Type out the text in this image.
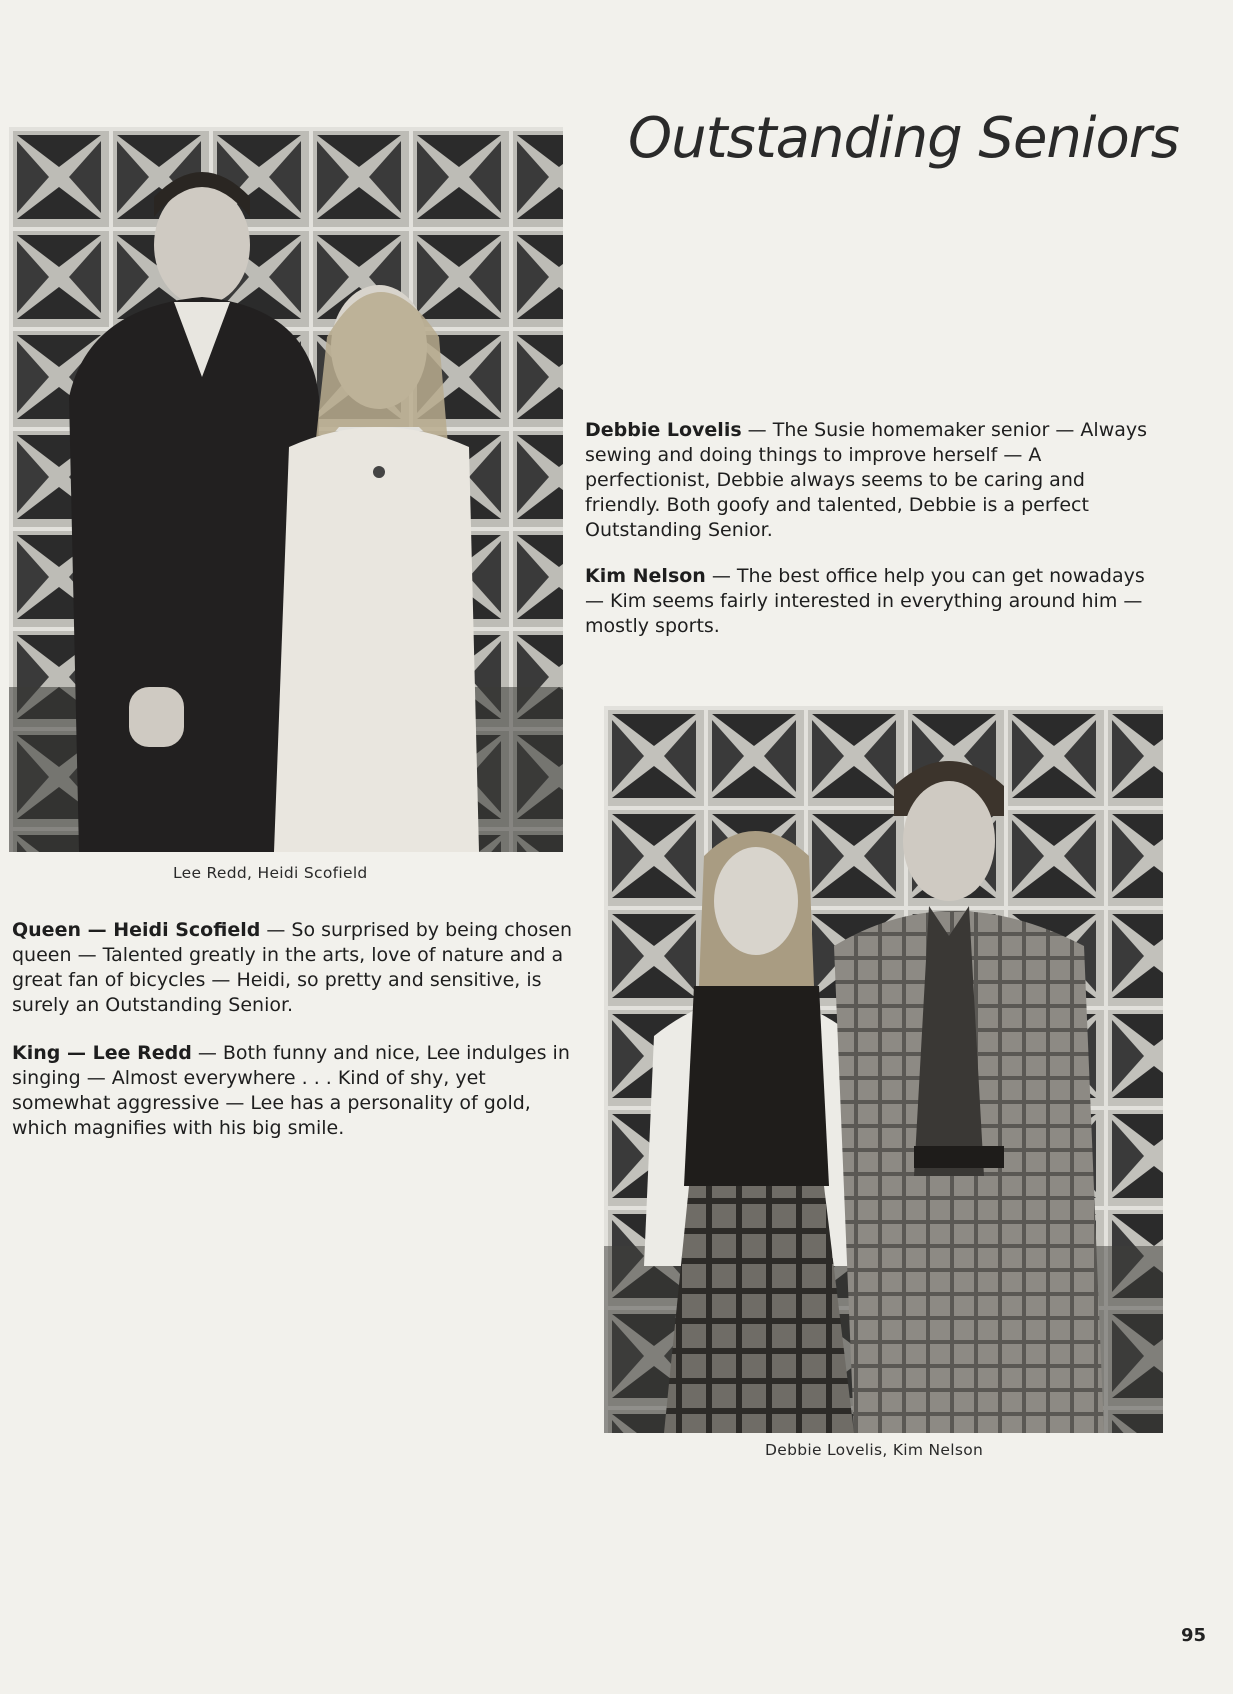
Outstanding Seniors
Lee Redd, Heidi Scofield

Debbie Lovelis — The Susie homemaker senior — Always sewing and doing things to improve herself — A perfectionist, Debbie always seems to be caring and friendly. Both goofy and talented, Debbie is a perfect Outstanding Senior.

Kim Nelson — The best office help you can get nowadays — Kim seems fairly interested in everything around him — mostly sports.

Queen — Heidi Scofield — So surprised by being chosen queen — Talented greatly in the arts, love of nature and a great fan of bicycles — Heidi, so pretty and sensitive, is surely an Outstanding Senior.

King — Lee Redd — Both funny and nice, Lee indulges in singing — Almost everywhere . . . Kind of shy, yet somewhat aggressive — Lee has a personality of gold, which magnifies with his big smile.

Debbie Lovelis, Kim Nelson
95
